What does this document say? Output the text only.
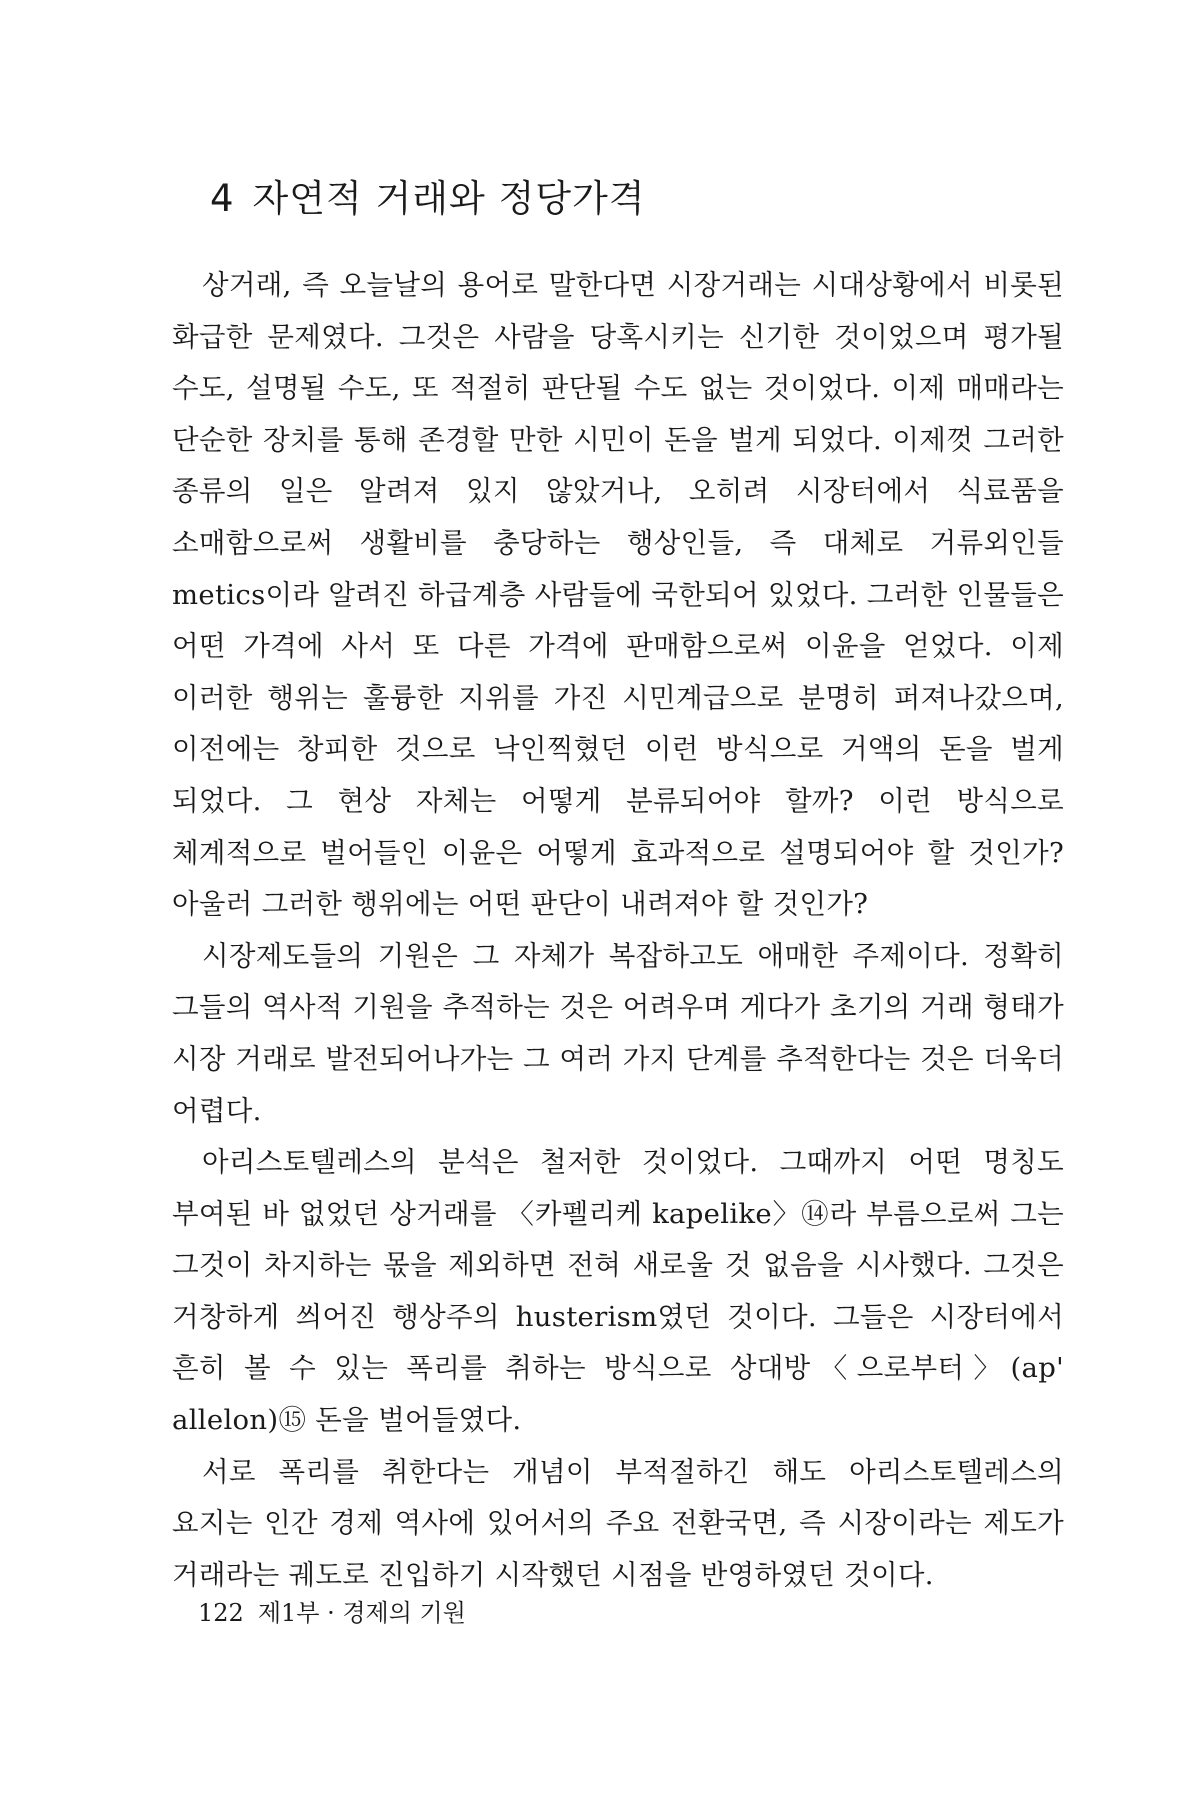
4 자연적 거래와 정당가격

상거래, 즉 오늘날의 용어로 말한다면 시장거래는 시대상황에서 비롯된 화급한 문제였다. 그것은 사람을 당혹시키는 신기한 것이었으며 평가될 수도, 설명될 수도, 또 적절히 판단될 수도 없는 것이었다. 이제 매매라는 단순한 장치를 통해 존경할 만한 시민이 돈을 벌게 되었다. 이제껏 그러한 종류의 일은 알려져 있지 않았거나, 오히려 시장터에서 식료품을 소매함으로써 생활비를 충당하는 행상인들, 즉 대체로 거류외인들 metics이라 알려진 하급계층 사람들에 국한되어 있었다. 그러한 인물들은 어떤 가격에 사서 또 다른 가격에 판매함으로써 이윤을 얻었다. 이제 이러한 행위는 훌륭한 지위를 가진 시민계급으로 분명히 퍼져나갔으며, 이전에는 창피한 것으로 낙인찍혔던 이런 방식으로 거액의 돈을 벌게 되었다. 그 현상 자체는 어떻게 분류되어야 할까? 이런 방식으로 체계적으로 벌어들인 이윤은 어떻게 효과적으로 설명되어야 할 것인가? 아울러 그러한 행위에는 어떤 판단이 내려져야 할 것인가?

시장제도들의 기원은 그 자체가 복잡하고도 애매한 주제이다. 정확히 그들의 역사적 기원을 추적하는 것은 어려우며 게다가 초기의 거래 형태가 시장 거래로 발전되어나가는 그 여러 가지 단계를 추적한다는 것은 더욱더 어렵다.

아리스토텔레스의 분석은 철저한 것이었다. 그때까지 어떤 명칭도 부여된 바 없었던 상거래를 〈카펠리케 kapelike〉⑭라 부름으로써 그는 그것이 차지하는 몫을 제외하면 전혀 새로울 것 없음을 시사했다. 그것은 거창하게 씌어진 행상주의 husterism였던 것이다. 그들은 시장터에서 흔히 볼 수 있는 폭리를 취하는 방식으로 상대방〈으로부터〉(ap' allelon)⑮ 돈을 벌어들였다.

서로 폭리를 취한다는 개념이 부적절하긴 해도 아리스토텔레스의 요지는 인간 경제 역사에 있어서의 주요 전환국면, 즉 시장이라는 제도가 거래라는 궤도로 진입하기 시작했던 시점을 반영하였던 것이다.

122 제1부 · 경제의 기원
